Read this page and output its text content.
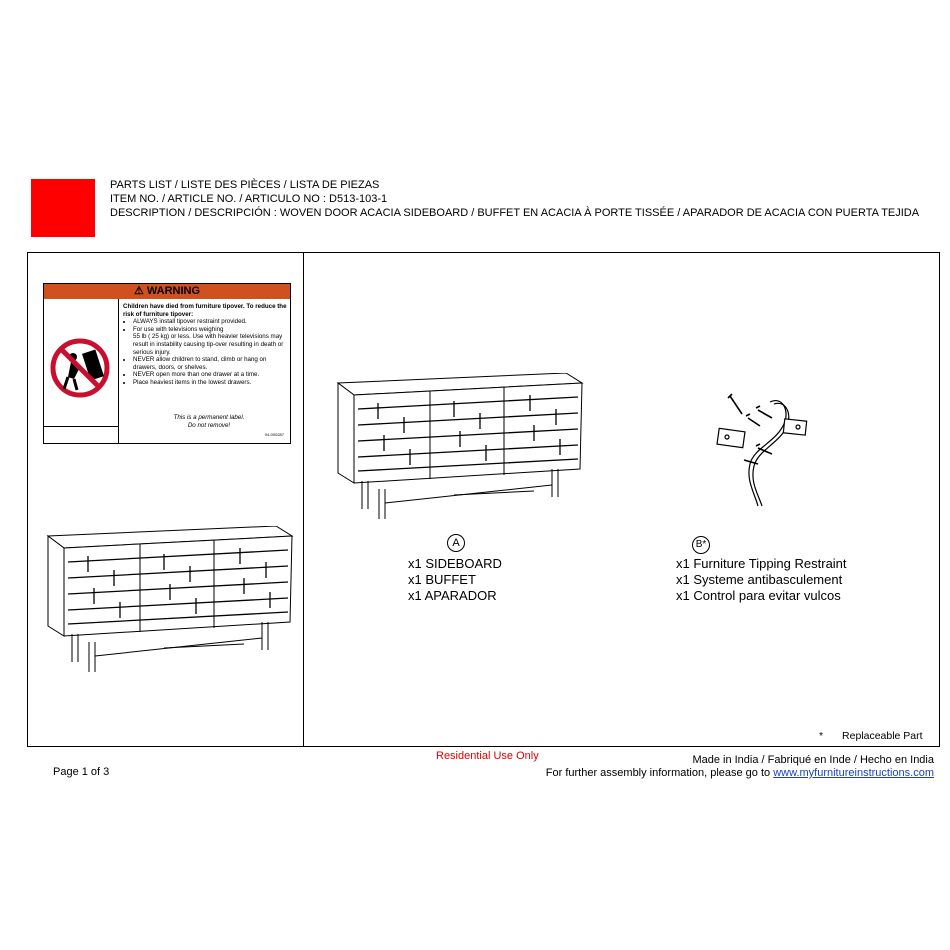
PARTS LIST / LISTE DES PIÈCES / LISTA DE PIEZAS
ITEM NO. / ARTICLE NO. / ARTICULO NO : D513-103-1
DESCRIPTION / DESCRIPCIÓN : WOVEN DOOR ACACIA SIDEBOARD / BUFFET EN ACACIA À PORTE TISSÉE / APARADOR DE ACACIA CON PUERTA TEJIDA
⚠ WARNING
Children have died from furniture tipover. To reduce the risk of furniture tipover:
• ALWAYS install tipover restraint provided.
• For use with televisions weighing
55 lb ( 25 kg) or less. Use with heavier televisions may result in instability causing tip-over resulting in death or serious injury.
• NEVER allow children to stand, climb or hang on drawers, doors, or shelves.
• NEVER open more than one drawer at a time.
• Place heaviest items in the lowest drawers.
This is a permanent label.
Do not remove!
04-000287
A
x1 SIDEBOARD
x1 BUFFET
x1 APARADOR
B*
x1 Furniture Tipping Restraint
x1 Systeme antibasculement
x1 Control para evitar vulcos
* Replaceable Part
Residential Use Only
Page 1 of 3
Made in India / Fabriqué en Inde / Hecho en India
For further assembly information, please go to www.myfurnitureinstructions.com
